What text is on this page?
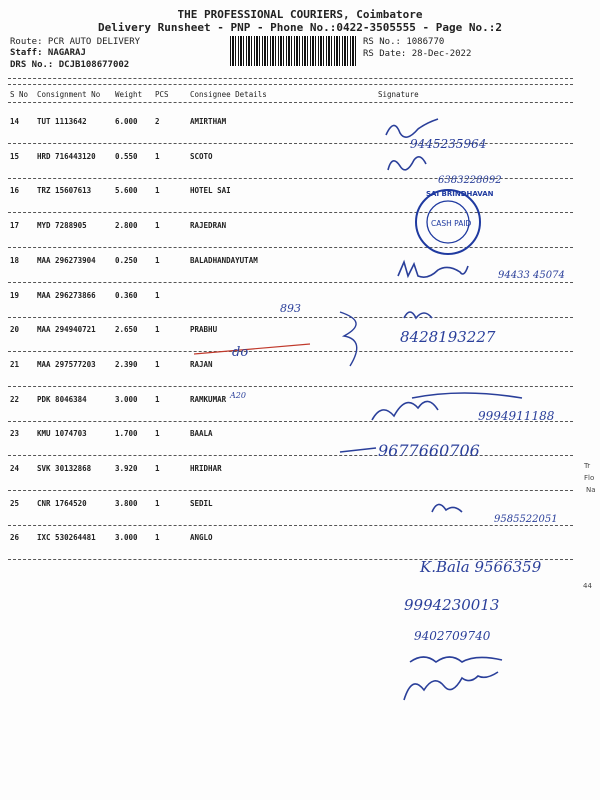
THE PROFESSIONAL COURIERS, Coimbatore
Delivery Runsheet - PNP - Phone No.:0422-3505555 - Page No.:2
Route: PCR AUTO DELIVERY
Staff: NAGARAJ
DRS No.: DCJB108677002
RS No.: 1086770
RS Date: 28-Dec-2022
S No Consignment No Weight PCS	Consignee Details	Signature
14 TUT 1113642	6.000 2	AMIRTHAM
15 HRD 716443120	0.550 1	SCOTO
16 TRZ 15607613	5.600 1	HOTEL SAI
17 MYD 7288905	2.800 1	RAJEDRAN
18 MAA 296273904	0.250 1	BALADHANDAYUTAM
19 MAA 296273866	0.360 1
20 MAA 294940721	2.650 1	PRABHU
21 MAA 297577203	2.390 1	RAJAN
22 PDK 8046384	3.000 1	RAMKUMAR
23 KMU 1074703	1.700 1	BAALA
24 SVK 30132868	3.920 1	HRIDHAR
25 CNR 1764520	3.800 1	SEDIL
26 IXC 530264481	3.000 1	ANGLO
9445235964
6383228092
SAI BRINDHAVAN
CASH PAID
94433 45074
893
8428193227
do
A20
9994911188
9677660706
9585522051
K.Bala 9566359
9994230013
9402709740
Tr
Flo
Na
44
